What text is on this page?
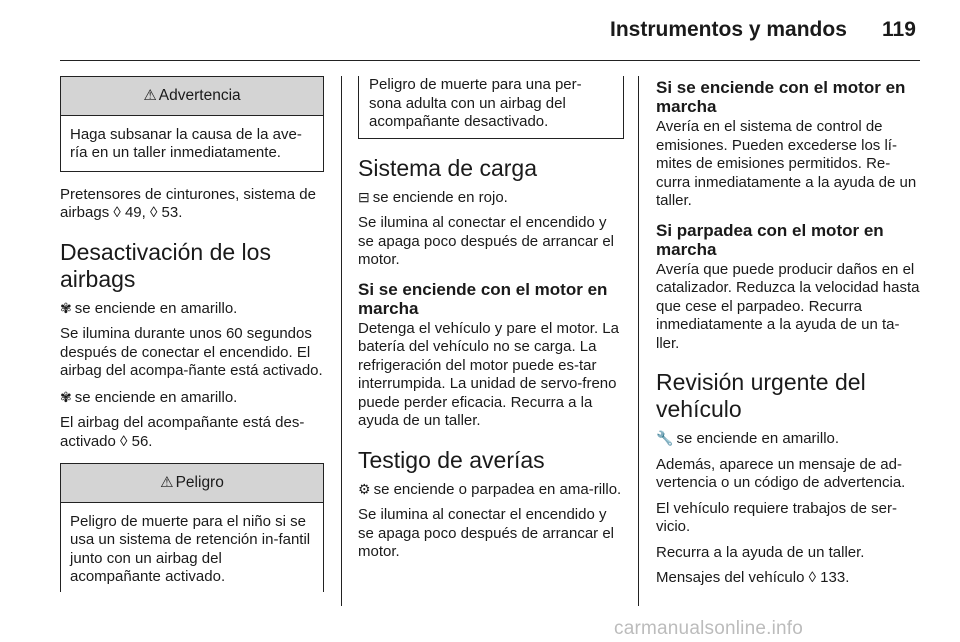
Instrumentos y mandos 119
⚠ Advertencia
Haga subsanar la causa de la ave-ría en un taller inmediatamente.

Pretensores de cinturones, sistema de airbags ◊ 49, ◊ 53.

Desactivación de los airbags

✾ se enciende en amarillo.

Se ilumina durante unos 60 segundos después de conectar el encendido. El airbag del acompa-ñante está activado.

✾ se enciende en amarillo.

El airbag del acompañante está des-activado ◊ 56.

⚠ Peligro
Peligro de muerte para el niño si se usa un sistema de retención in-fantil junto con un airbag del acompañante activado.

Peligro de muerte para una per-sona adulta con un airbag del acompañante desactivado.

Sistema de carga

⊟ se enciende en rojo.

Se ilumina al conectar el encendido y se apaga poco después de arrancar el motor.

Si se enciende con el motor en marcha

Detenga el vehículo y pare el motor. La batería del vehículo no se carga. La refrigeración del motor puede es-tar interrumpida. La unidad de servo-freno puede perder eficacia. Recurra a la ayuda de un taller.

Testigo de averías

⚙ se enciende o parpadea en ama-rillo.

Se ilumina al conectar el encendido y se apaga poco después de arrancar el motor.

Si se enciende con el motor en marcha

Avería en el sistema de control de emisiones. Pueden excederse los lí-mites de emisiones permitidos. Re-curra inmediatamente a la ayuda de un taller.

Si parpadea con el motor en marcha

Avería que puede producir daños en el catalizador. Reduzca la velocidad hasta que cese el parpadeo. Recurra inmediatamente a la ayuda de un ta-ller.

Revisión urgente del vehículo

🔧 se enciende en amarillo.

Además, aparece un mensaje de ad-vertencia o un código de advertencia.

El vehículo requiere trabajos de ser-vicio.

Recurra a la ayuda de un taller.

Mensajes del vehículo ◊ 133.

carmanualsonline.info
